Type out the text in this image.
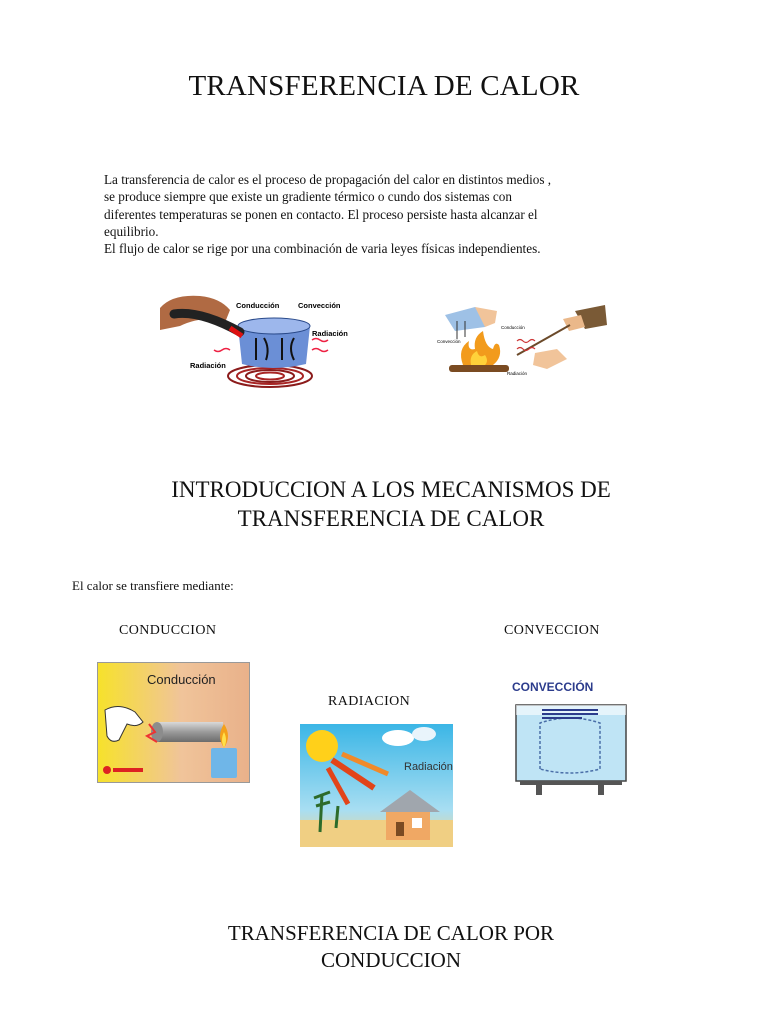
TRANSFERENCIA DE CALOR

La transferencia de calor es el proceso de propagación del calor en distintos medios , se produce siempre que existe un gradiente térmico o cundo dos sistemas con diferentes temperaturas se ponen en contacto. El proceso persiste hasta alcanzar el equilibrio.

El flujo de calor se rige por una combinación de varia leyes físicas independientes.

Conducción Convección
Radiación
Radiación
Conducción
Convección
Radiación
INTRODUCCION A LOS MECANISMOS DE
TRANSFERENCIA DE CALOR
El calor se transfiere mediante:
CONDUCCION	CONVECCION
RADIACION
Conducción
Radiación
CONVECCIÓN
TRANSFERENCIA DE CALOR POR
CONDUCCION
